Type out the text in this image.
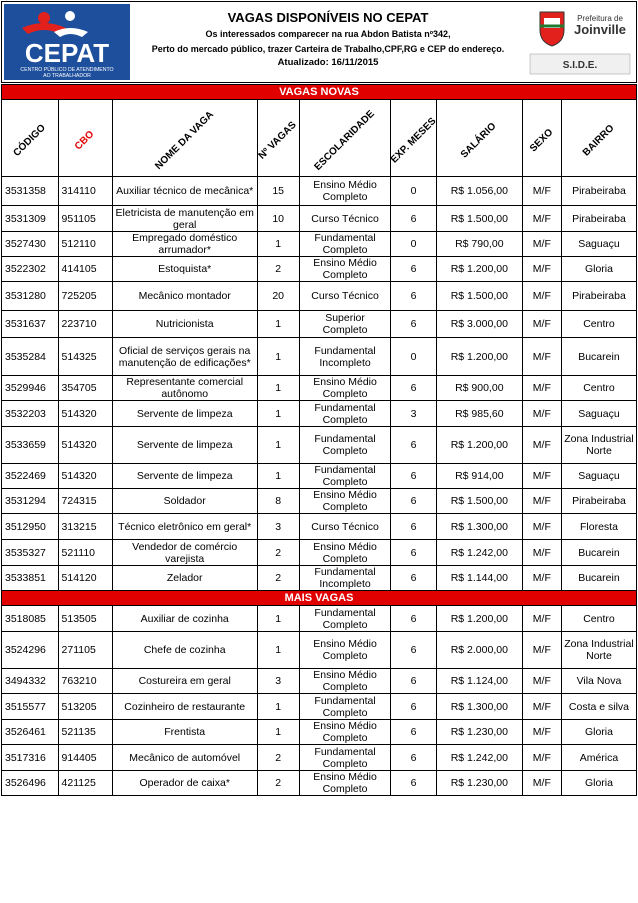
CEPAT
CENTRO PÚBLICO DE ATENDIMENTO
AO TRABALHADOR
VAGAS DISPONÍVEIS NO CEPAT
Os interessados comparecer na rua Abdon Batista nº342,
Perto do mercado público, trazer Carteira de Trabalho,CPF,RG e CEP do endereço.
Atualizado: 16/11/2015
Prefeitura de
Joinville
S.I.D.E.
VAGAS NOVAS								

CÓDIGO	CBO	NOME DA VAGA	Nº VAGAS	ESCOLARIDADE	EXP. MESES	SALÁRIO	SEXO	BAIRRO

3531358	314110	Auxiliar técnico de mecânica*	15	Ensino Médio Completo	0	R$ 1.056,00	M/F	Pirabeiraba
3531309	951105	Eletricista de manutenção em geral	10	Curso Técnico	6	R$ 1.500,00	M/F	Pirabeiraba
3527430	512110	Empregado doméstico arrumador*	1	Fundamental Completo	0	R$ 790,00	M/F	Saguaçu
3522302	414105	Estoquista*	2	Ensino Médio Completo	6	R$ 1.200,00	M/F	Gloria
3531280	725205	Mecânico montador	20	Curso Técnico	6	R$ 1.500,00	M/F	Pirabeiraba
3531637	223710	Nutricionista	1	Superior Completo	6	R$ 3.000,00	M/F	Centro
3535284	514325	Oficial de serviços gerais na manutenção de edificações*	1	Fundamental Incompleto	0	R$ 1.200,00	M/F	Bucarein
3529946	354705	Representante comercial autônomo	1	Ensino Médio Completo	6	R$ 900,00	M/F	Centro
3532203	514320	Servente de limpeza	1	Fundamental Completo	3	R$ 985,60	M/F	Saguaçu
3533659	514320	Servente de limpeza	1	Fundamental Completo	6	R$ 1.200,00	M/F	Zona Industrial Norte
3522469	514320	Servente de limpeza	1	Fundamental Completo	6	R$ 914,00	M/F	Saguaçu
3531294	724315	Soldador	8	Ensino Médio Completo	6	R$ 1.500,00	M/F	Pirabeiraba
3512950	313215	Técnico eletrônico em geral*	3	Curso Técnico	6	R$ 1.300,00	M/F	Floresta
3535327	521110	Vendedor de comércio varejista	2	Ensino Médio Completo	6	R$ 1.242,00	M/F	Bucarein
3533851	514120	Zelador	2	Fundamental Incompleto	6	R$ 1.144,00	M/F	Bucarein
MAIS VAGAS								
3518085	513505	Auxiliar de cozinha	1	Fundamental Completo	6	R$ 1.200,00	M/F	Centro
3524296	271105	Chefe de cozinha	1	Ensino Médio Completo	6	R$ 2.000,00	M/F	Zona Industrial Norte
3494332	763210	Costureira em geral	3	Ensino Médio Completo	6	R$ 1.124,00	M/F	Vila Nova
3515577	513205	Cozinheiro de restaurante	1	Fundamental Completo	6	R$ 1.300,00	M/F	Costa e silva
3526461	521135	Frentista	1	Ensino Médio Completo	6	R$ 1.230,00	M/F	Gloria
3517316	914405	Mecânico de automóvel	2	Fundamental Completo	6	R$ 1.242,00	M/F	América
3526496	421125	Operador de caixa*	2	Ensino Médio Completo	6	R$ 1.230,00	M/F	Gloria
